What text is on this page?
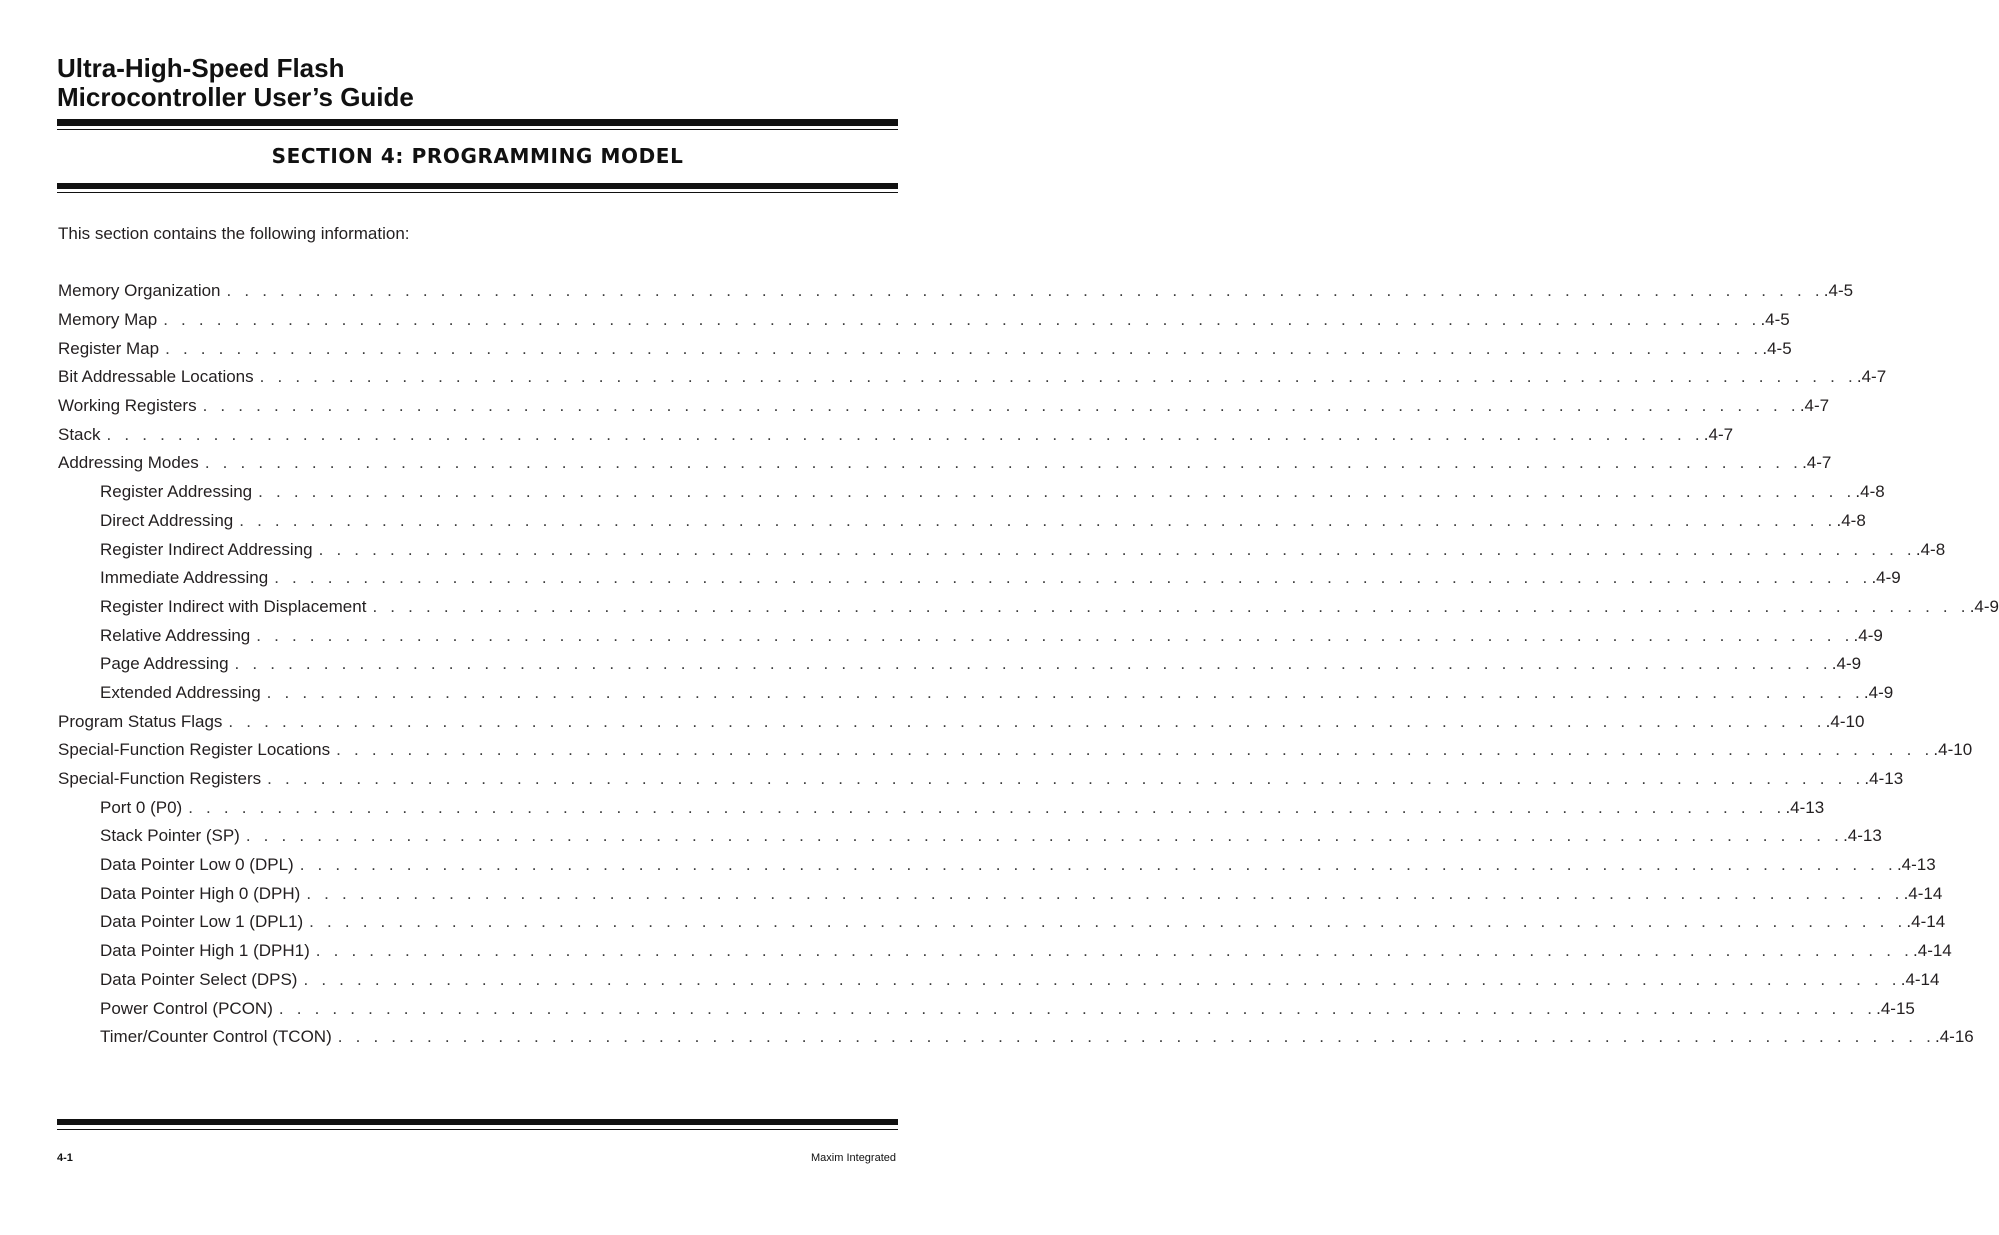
Ultra-High-Speed Flash
Microcontroller User’s Guide
SECTION 4: PROGRAMMING MODEL
This section contains the following information:
Memory Organization . . . . . . . . . . . . . . . . . . . . . . . . . . . . . . . . . . . . . . . . . . . . . . . . . . . . . . . . . . . . . . . . . . . . . . . . . . . . . . . . . . . . . . . . . . .4-5
Memory Map . . . . . . . . . . . . . . . . . . . . . . . . . . . . . . . . . . . . . . . . . . . . . . . . . . . . . . . . . . . . . . . . . . . . . . . . . . . . . . . . . . . . . . . . . . .4-5
Register Map . . . . . . . . . . . . . . . . . . . . . . . . . . . . . . . . . . . . . . . . . . . . . . . . . . . . . . . . . . . . . . . . . . . . . . . . . . . . . . . . . . . . . . . . . . .4-5
Bit Addressable Locations . . . . . . . . . . . . . . . . . . . . . . . . . . . . . . . . . . . . . . . . . . . . . . . . . . . . . . . . . . . . . . . . . . . . . . . . . . . . . . . . . . . . . . . . . . .4-7
Working Registers . . . . . . . . . . . . . . . . . . . . . . . . . . . . . . . . . . . . . . . . . . . . . . . . . . . . . . . . . . . . . . . . . . . . . . . . . . . . . . . . . . . . . . . . . . .4-7
Stack . . . . . . . . . . . . . . . . . . . . . . . . . . . . . . . . . . . . . . . . . . . . . . . . . . . . . . . . . . . . . . . . . . . . . . . . . . . . . . . . . . . . . . . . . . .4-7
Addressing Modes . . . . . . . . . . . . . . . . . . . . . . . . . . . . . . . . . . . . . . . . . . . . . . . . . . . . . . . . . . . . . . . . . . . . . . . . . . . . . . . . . . . . . . . . . . .4-7
Register Addressing . . . . . . . . . . . . . . . . . . . . . . . . . . . . . . . . . . . . . . . . . . . . . . . . . . . . . . . . . . . . . . . . . . . . . . . . . . . . . . . . . . . . . . . . . . .4-8
Direct Addressing . . . . . . . . . . . . . . . . . . . . . . . . . . . . . . . . . . . . . . . . . . . . . . . . . . . . . . . . . . . . . . . . . . . . . . . . . . . . . . . . . . . . . . . . . . .4-8
Register Indirect Addressing . . . . . . . . . . . . . . . . . . . . . . . . . . . . . . . . . . . . . . . . . . . . . . . . . . . . . . . . . . . . . . . . . . . . . . . . . . . . . . . . . . . . . . . . . . .4-8
Immediate Addressing . . . . . . . . . . . . . . . . . . . . . . . . . . . . . . . . . . . . . . . . . . . . . . . . . . . . . . . . . . . . . . . . . . . . . . . . . . . . . . . . . . . . . . . . . . .4-9
Register Indirect with Displacement . . . . . . . . . . . . . . . . . . . . . . . . . . . . . . . . . . . . . . . . . . . . . . . . . . . . . . . . . . . . . . . . . . . . . . . . . . . . . . . . . . . . . . . . . . .4-9
Relative Addressing . . . . . . . . . . . . . . . . . . . . . . . . . . . . . . . . . . . . . . . . . . . . . . . . . . . . . . . . . . . . . . . . . . . . . . . . . . . . . . . . . . . . . . . . . . .4-9
Page Addressing . . . . . . . . . . . . . . . . . . . . . . . . . . . . . . . . . . . . . . . . . . . . . . . . . . . . . . . . . . . . . . . . . . . . . . . . . . . . . . . . . . . . . . . . . . .4-9
Extended Addressing . . . . . . . . . . . . . . . . . . . . . . . . . . . . . . . . . . . . . . . . . . . . . . . . . . . . . . . . . . . . . . . . . . . . . . . . . . . . . . . . . . . . . . . . . . .4-9
Program Status Flags . . . . . . . . . . . . . . . . . . . . . . . . . . . . . . . . . . . . . . . . . . . . . . . . . . . . . . . . . . . . . . . . . . . . . . . . . . . . . . . . . . . . . . . . . . .4-10
Special-Function Register Locations . . . . . . . . . . . . . . . . . . . . . . . . . . . . . . . . . . . . . . . . . . . . . . . . . . . . . . . . . . . . . . . . . . . . . . . . . . . . . . . . . . . . . . . . . . .4-10
Special-Function Registers . . . . . . . . . . . . . . . . . . . . . . . . . . . . . . . . . . . . . . . . . . . . . . . . . . . . . . . . . . . . . . . . . . . . . . . . . . . . . . . . . . . . . . . . . . .4-13
Port 0 (P0) . . . . . . . . . . . . . . . . . . . . . . . . . . . . . . . . . . . . . . . . . . . . . . . . . . . . . . . . . . . . . . . . . . . . . . . . . . . . . . . . . . . . . . . . . . .4-13
Stack Pointer (SP) . . . . . . . . . . . . . . . . . . . . . . . . . . . . . . . . . . . . . . . . . . . . . . . . . . . . . . . . . . . . . . . . . . . . . . . . . . . . . . . . . . . . . . . . . . .4-13
Data Pointer Low 0 (DPL) . . . . . . . . . . . . . . . . . . . . . . . . . . . . . . . . . . . . . . . . . . . . . . . . . . . . . . . . . . . . . . . . . . . . . . . . . . . . . . . . . . . . . . . . . . .4-13
Data Pointer High 0 (DPH) . . . . . . . . . . . . . . . . . . . . . . . . . . . . . . . . . . . . . . . . . . . . . . . . . . . . . . . . . . . . . . . . . . . . . . . . . . . . . . . . . . . . . . . . . . .4-14
Data Pointer Low 1 (DPL1) . . . . . . . . . . . . . . . . . . . . . . . . . . . . . . . . . . . . . . . . . . . . . . . . . . . . . . . . . . . . . . . . . . . . . . . . . . . . . . . . . . . . . . . . . . .4-14
Data Pointer High 1 (DPH1) . . . . . . . . . . . . . . . . . . . . . . . . . . . . . . . . . . . . . . . . . . . . . . . . . . . . . . . . . . . . . . . . . . . . . . . . . . . . . . . . . . . . . . . . . . .4-14
Data Pointer Select (DPS) . . . . . . . . . . . . . . . . . . . . . . . . . . . . . . . . . . . . . . . . . . . . . . . . . . . . . . . . . . . . . . . . . . . . . . . . . . . . . . . . . . . . . . . . . . .4-14
Power Control (PCON) . . . . . . . . . . . . . . . . . . . . . . . . . . . . . . . . . . . . . . . . . . . . . . . . . . . . . . . . . . . . . . . . . . . . . . . . . . . . . . . . . . . . . . . . . . .4-15
Timer/Counter Control (TCON) . . . . . . . . . . . . . . . . . . . . . . . . . . . . . . . . . . . . . . . . . . . . . . . . . . . . . . . . . . . . . . . . . . . . . . . . . . . . . . . . . . . . . . . . . . .4-16
4-1	Maxim Integrated
